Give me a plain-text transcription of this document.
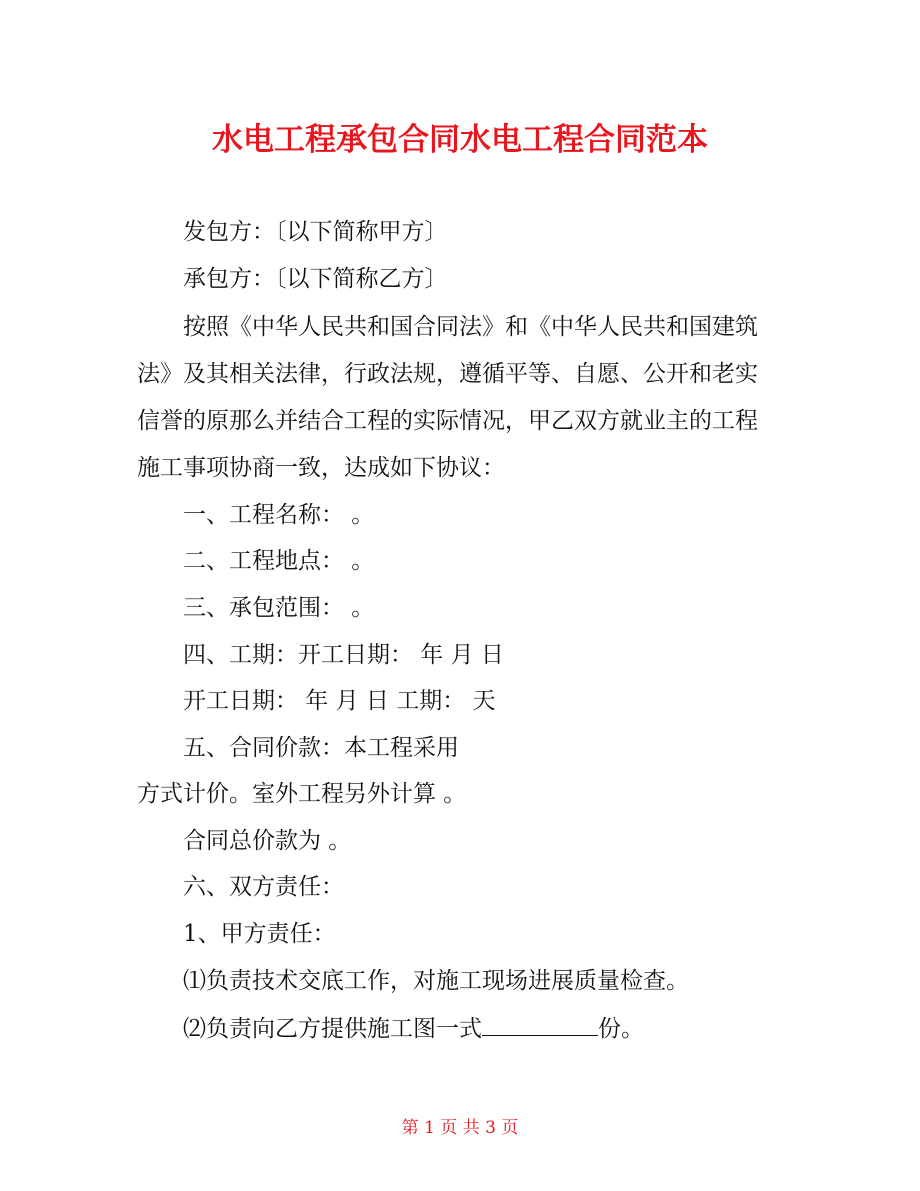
水电工程承包合同水电工程合同范本
发包方：〔以下简称甲方〕
承包方：〔以下简称乙方〕
按照《中华人民共和国合同法》和《中华人民共和国建筑
法》及其相关法律，行政法规，遵循平等、自愿、公开和老实
信誉的原那么并结合工程的实际情况，甲乙双方就业主的工程
施工事项协商一致，达成如下协议：
一、工程名称： 。
二、工程地点： 。
三、承包范围： 。
四、工期：开工日期： 年 月 日
开工日期： 年 月 日 工期： 天
五、合同价款：本工程采用
方式计价。室外工程另外计算 。
合同总价款为 。
六、双方责任：
1、甲方责任：
⑴负责技术交底工作，对施工现场进展质量检查。
⑵负责向乙方提供施工图一式	份。
第 1 页 共 3 页
